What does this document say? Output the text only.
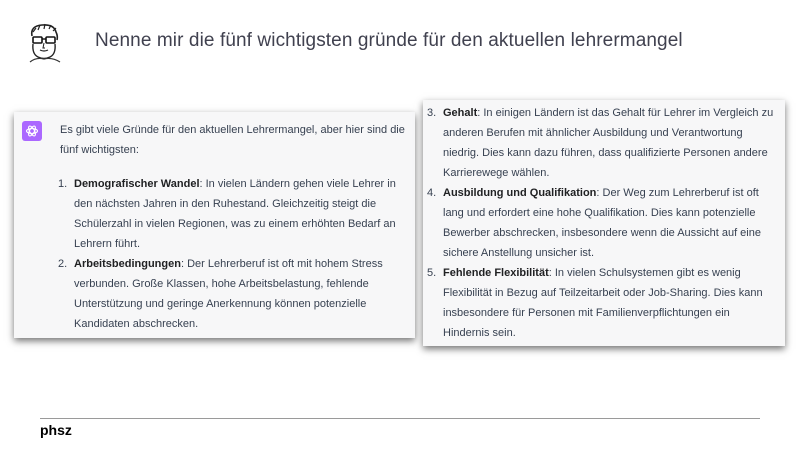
Nenne mir die fünf wichtigsten gründe für den aktuellen lehrermangel
Es gibt viele Gründe für den aktuellen Lehrermangel, aber hier sind die fünf wichtigsten:
1. Demografischer Wandel: In vielen Ländern gehen viele Lehrer in den nächsten Jahren in den Ruhestand. Gleichzeitig steigt die Schülerzahl in vielen Regionen, was zu einem erhöhten Bedarf an Lehrern führt.
2. Arbeitsbedingungen: Der Lehrerberuf ist oft mit hohem Stress verbunden. Große Klassen, hohe Arbeitsbelastung, fehlende Unterstützung und geringe Anerkennung können potenzielle Kandidaten abschrecken.
3. Gehalt: In einigen Ländern ist das Gehalt für Lehrer im Vergleich zu anderen Berufen mit ähnlicher Ausbildung und Verantwortung niedrig. Dies kann dazu führen, dass qualifizierte Personen andere Karrierewege wählen.
4. Ausbildung und Qualifikation: Der Weg zum Lehrerberuf ist oft lang und erfordert eine hohe Qualifikation. Dies kann potenzielle Bewerber abschrecken, insbesondere wenn die Aussicht auf eine sichere Anstellung unsicher ist.
5. Fehlende Flexibilität: In vielen Schulsystemen gibt es wenig Flexibilität in Bezug auf Teilzeitarbeit oder Job-Sharing. Dies kann insbesondere für Personen mit Familienverpflichtungen ein Hindernis sein.
phsz
